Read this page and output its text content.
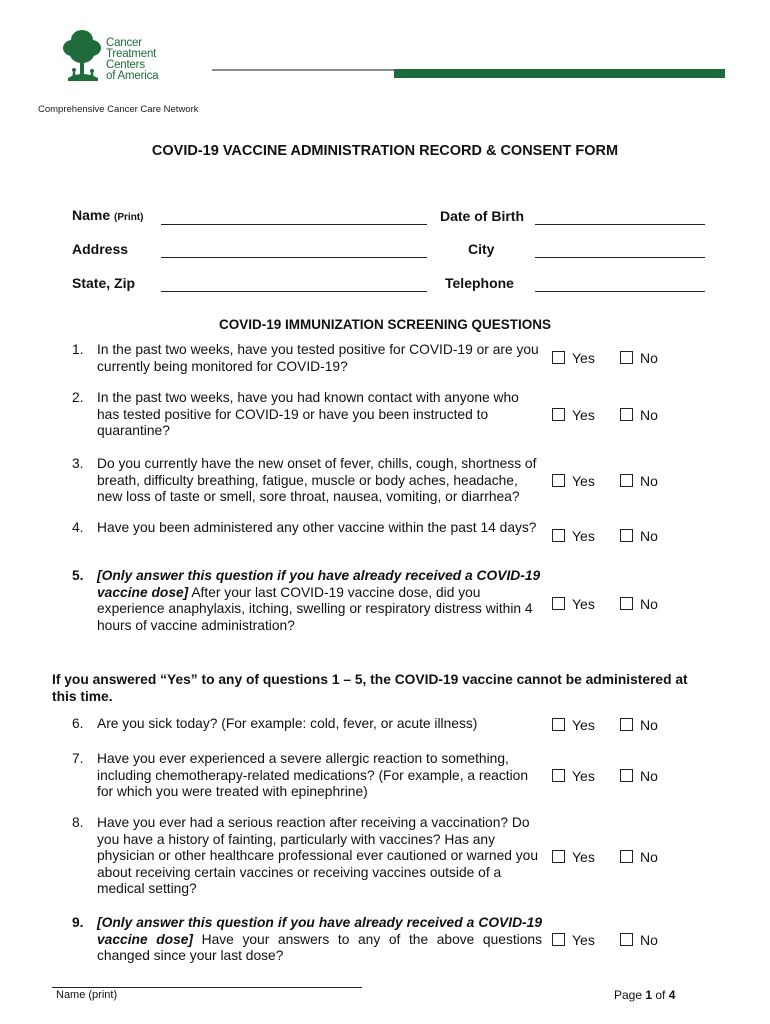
Cancer
Treatment
Centers
of America
Comprehensive Cancer Care Network
COVID-19 VACCINE ADMINISTRATION RECORD & CONSENT FORM
Name (Print)	Date of Birth
Address	City
State, Zip	Telephone
COVID-19 IMMUNIZATION SCREENING QUESTIONS
1. In the past two weeks, have you tested positive for COVID-19 or are you currently being monitored for COVID-19?	Yes	No
2. In the past two weeks, have you had known contact with anyone who has tested positive for COVID-19 or have you been instructed to quarantine?
Yes	No
3. Do you currently have the new onset of fever, chills, cough, shortness of breath, difficulty breathing, fatigue, muscle or body aches, headache, new loss of taste or smell, sore throat, nausea, vomiting, or diarrhea?
Yes	No
4. Have you been administered any other vaccine within the past 14 days?
Yes	No
5. [Only answer this question if you have already received a COVID-19 vaccine dose] After your last COVID-19 vaccine dose, did you experience anaphylaxis, itching, swelling or respiratory distress within 4 hours of vaccine administration?
Yes	No
If you answered “Yes” to any of questions 1 – 5, the COVID-19 vaccine cannot be administered at this time.
6. Are you sick today? (For example: cold, fever, or acute illness)	Yes	No
7. Have you ever experienced a severe allergic reaction to something, including chemotherapy-related medications? (For example, a reaction for which you were treated with epinephrine)
Yes	No
8. Have you ever had a serious reaction after receiving a vaccination? Do you have a history of fainting, particularly with vaccines? Has any physician or other healthcare professional ever cautioned or warned you about receiving certain vaccines or receiving vaccines outside of a medical setting?
Yes	No
9. [Only answer this question if you have already received a COVID-19 vaccine dose] Have your answers to any of the above questions changed since your last dose?
Yes	No
Name (print)	Page 1 of 4
